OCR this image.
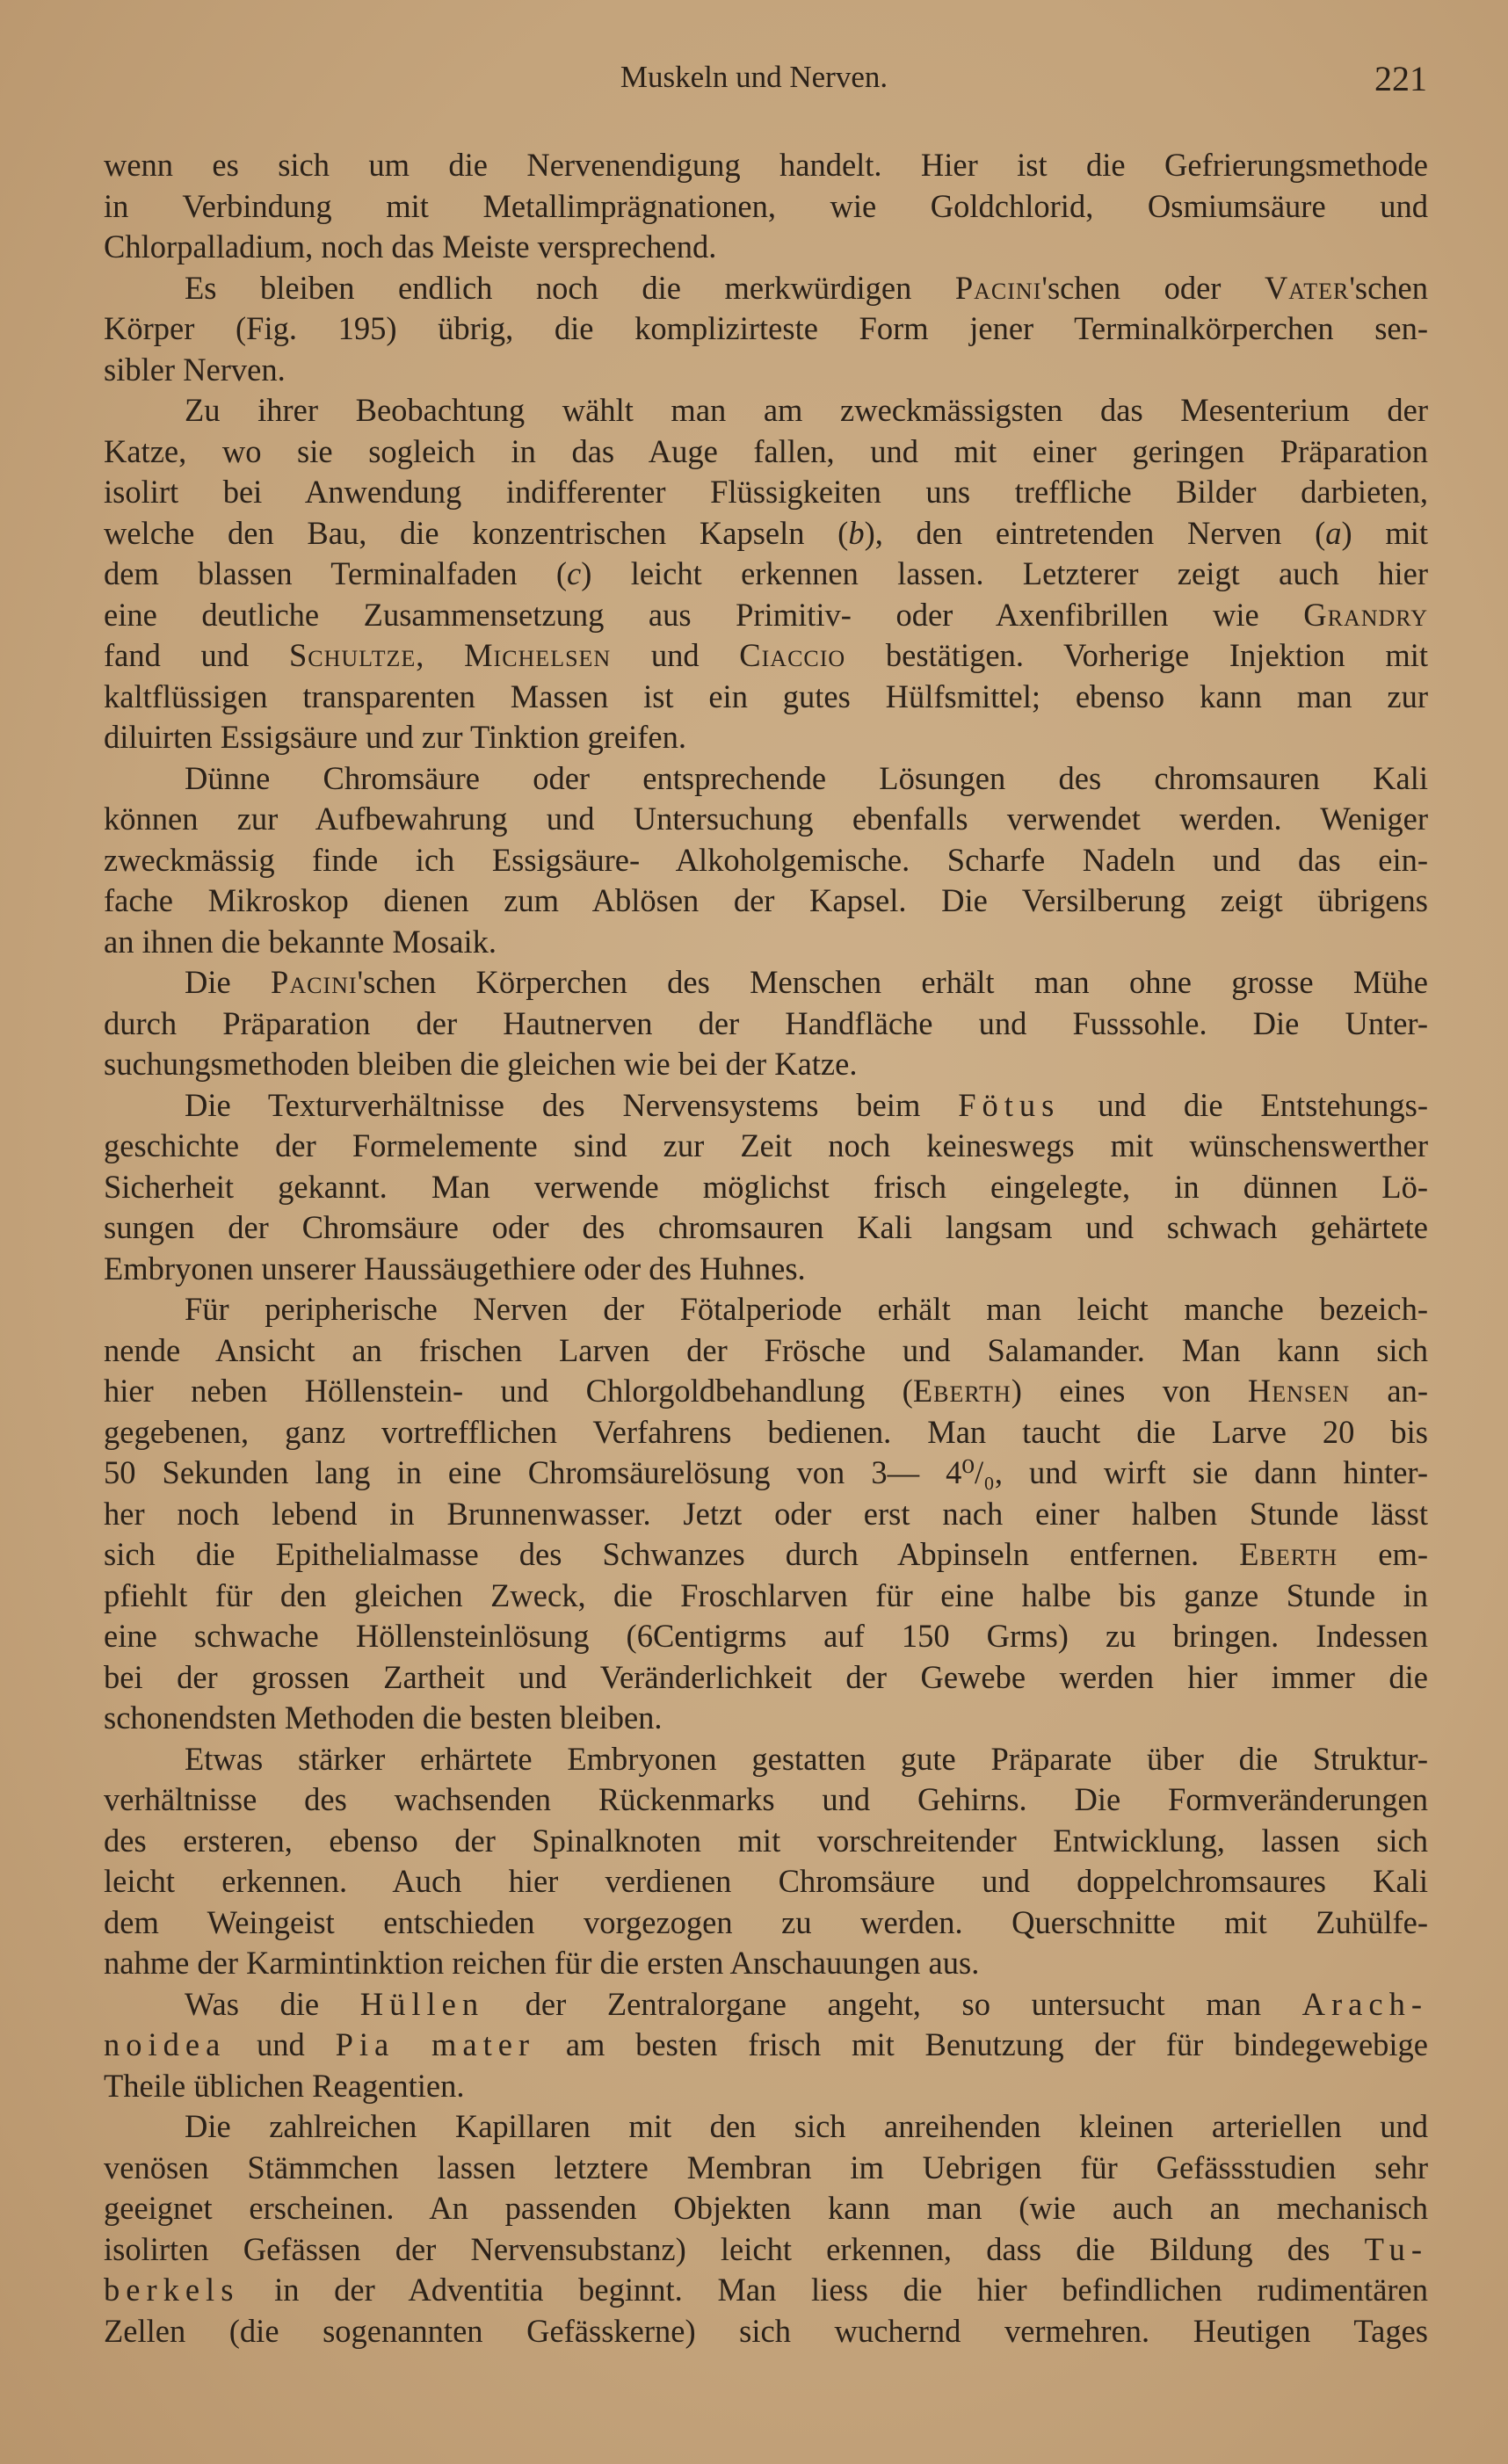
Muskeln und Nerven.	221
wenn es sich um die Nervenendigung handelt. Hier ist die Gefrierungsmethode
in Verbindung mit Metallimprägnationen, wie Goldchlorid, Osmiumsäure und
Chlorpalladium, noch das Meiste versprechend.
Es bleiben endlich noch die merkwürdigen Pacini'schen oder Vater'schen
Körper (Fig. 195) übrig, die komplizirteste Form jener Terminalkörperchen sen-
sibler Nerven.
Zu ihrer Beobachtung wählt man am zweckmässigsten das Mesenterium der
Katze, wo sie sogleich in das Auge fallen, und mit einer geringen Präparation
isolirt bei Anwendung indifferenter Flüssigkeiten uns treffliche Bilder darbieten,
welche den Bau, die konzentrischen Kapseln (b), den eintretenden Nerven (a) mit
dem blassen Terminalfaden (c) leicht erkennen lassen. Letzterer zeigt auch hier
eine deutliche Zusammensetzung aus Primitiv- oder Axenfibrillen wie Grandry
fand und Schultze, Michelsen und Ciaccio bestätigen. Vorherige Injektion mit
kaltflüssigen transparenten Massen ist ein gutes Hülfsmittel; ebenso kann man zur
diluirten Essigsäure und zur Tinktion greifen.
Dünne Chromsäure oder entsprechende Lösungen des chromsauren Kali
können zur Aufbewahrung und Untersuchung ebenfalls verwendet werden. Weniger
zweckmässig finde ich Essigsäure- Alkoholgemische. Scharfe Nadeln und das ein-
fache Mikroskop dienen zum Ablösen der Kapsel. Die Versilberung zeigt übrigens
an ihnen die bekannte Mosaik.
Die Pacini'schen Körperchen des Menschen erhält man ohne grosse Mühe
durch Präparation der Hautnerven der Handfläche und Fusssohle. Die Unter-
suchungsmethoden bleiben die gleichen wie bei der Katze.
Die Texturverhältnisse des Nervensystems beim Fötus und die Entstehungs-
geschichte der Formelemente sind zur Zeit noch keineswegs mit wünschenswerther
Sicherheit gekannt. Man verwende möglichst frisch eingelegte, in dünnen Lö-
sungen der Chromsäure oder des chromsauren Kali langsam und schwach gehärtete
Embryonen unserer Haussäugethiere oder des Huhnes.
Für peripherische Nerven der Fötalperiode erhält man leicht manche bezeich-
nende Ansicht an frischen Larven der Frösche und Salamander. Man kann sich
hier neben Höllenstein- und Chlorgoldbehandlung (Eberth) eines von Hensen an-
gegebenen, ganz vortrefflichen Verfahrens bedienen. Man taucht die Larve 20 bis
50 Sekunden lang in eine Chromsäurelösung von 3— 4⁰/₀, und wirft sie dann hinter-
her noch lebend in Brunnenwasser. Jetzt oder erst nach einer halben Stunde lässt
sich die Epithelialmasse des Schwanzes durch Abpinseln entfernen. Eberth em-
pfiehlt für den gleichen Zweck, die Froschlarven für eine halbe bis ganze Stunde in
eine schwache Höllensteinlösung (6Centigrms auf 150 Grms) zu bringen. Indessen
bei der grossen Zartheit und Veränderlichkeit der Gewebe werden hier immer die
schonendsten Methoden die besten bleiben.
Etwas stärker erhärtete Embryonen gestatten gute Präparate über die Struktur-
verhältnisse des wachsenden Rückenmarks und Gehirns. Die Formveränderungen
des ersteren, ebenso der Spinalknoten mit vorschreitender Entwicklung, lassen sich
leicht erkennen. Auch hier verdienen Chromsäure und doppelchromsaures Kali
dem Weingeist entschieden vorgezogen zu werden. Querschnitte mit Zuhülfe-
nahme der Karmintinktion reichen für die ersten Anschauungen aus.
Was die Hüllen der Zentralorgane angeht, so untersucht man Arach-
noidea und Pia mater am besten frisch mit Benutzung der für bindegewebige
Theile üblichen Reagentien.
Die zahlreichen Kapillaren mit den sich anreihenden kleinen arteriellen und
venösen Stämmchen lassen letztere Membran im Uebrigen für Gefässstudien sehr
geeignet erscheinen. An passenden Objekten kann man (wie auch an mechanisch
isolirten Gefässen der Nervensubstanz) leicht erkennen, dass die Bildung des Tu-
berkels in der Adventitia beginnt. Man liess die hier befindlichen rudimentären
Zellen (die sogenannten Gefässkerne) sich wuchernd vermehren. Heutigen Tages
